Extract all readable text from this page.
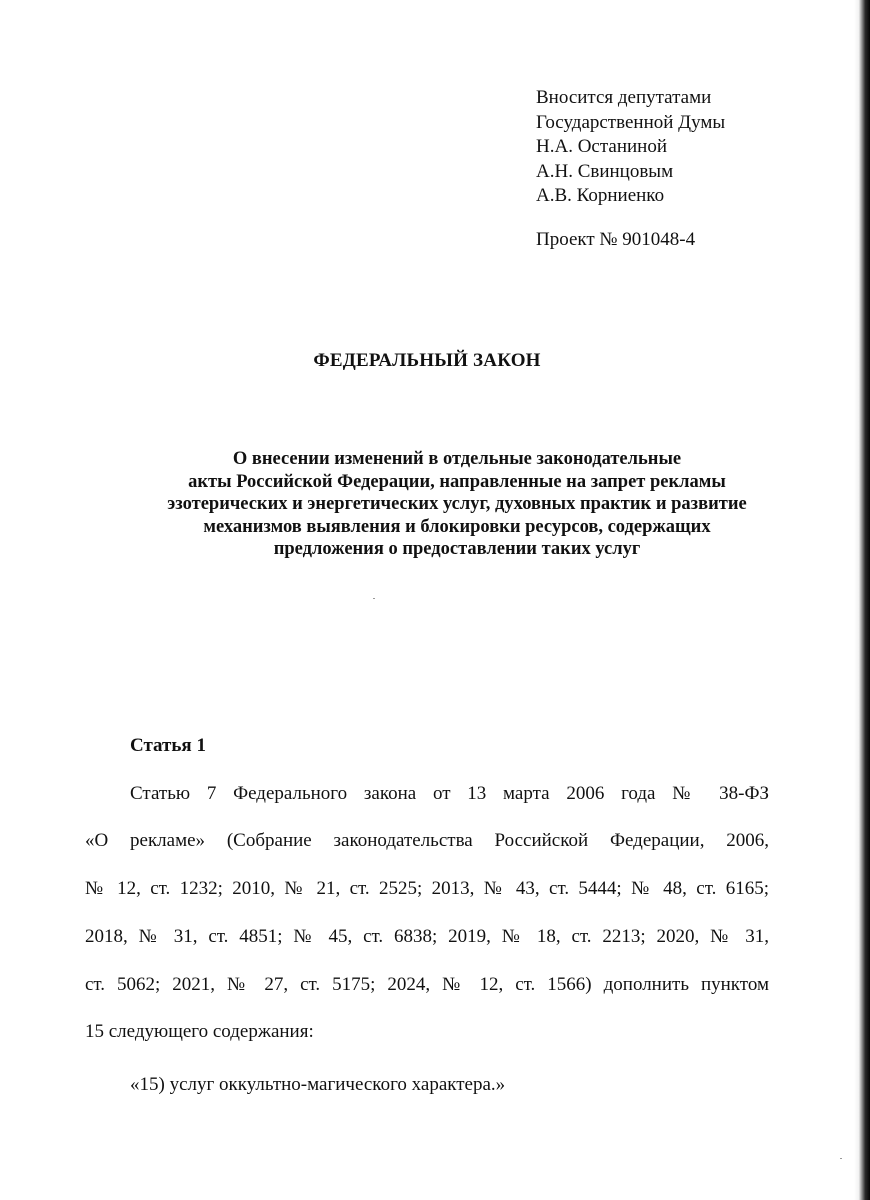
Вносится депутатами
Государственной Думы
Н.А. Останиной
А.Н. Свинцовым
А.В. Корниенко
Проект № 901048-4
ФЕДЕРАЛЬНЫЙ ЗАКОН
О внесении изменений в отдельные законодательные
акты Российской Федерации, направленные на запрет рекламы
эзотерических и энергетических услуг, духовных практик и развитие
механизмов выявления и блокировки ресурсов, содержащих
предложения о предоставлении таких услуг
Статья 1
Статью 7 Федерального закона от 13 марта 2006 года № 38-ФЗ
«О рекламе» (Собрание законодательства Российской Федерации, 2006,
№ 12, ст. 1232; 2010, № 21, ст. 2525; 2013, № 43, ст. 5444; № 48, ст. 6165;
2018, № 31, ст. 4851; № 45, ст. 6838; 2019, № 18, ст. 2213; 2020, № 31,
ст. 5062; 2021, № 27, ст. 5175; 2024, № 12, ст. 1566) дополнить пунктом
15 следующего содержания:
«15) услуг оккультно-магического характера.»
